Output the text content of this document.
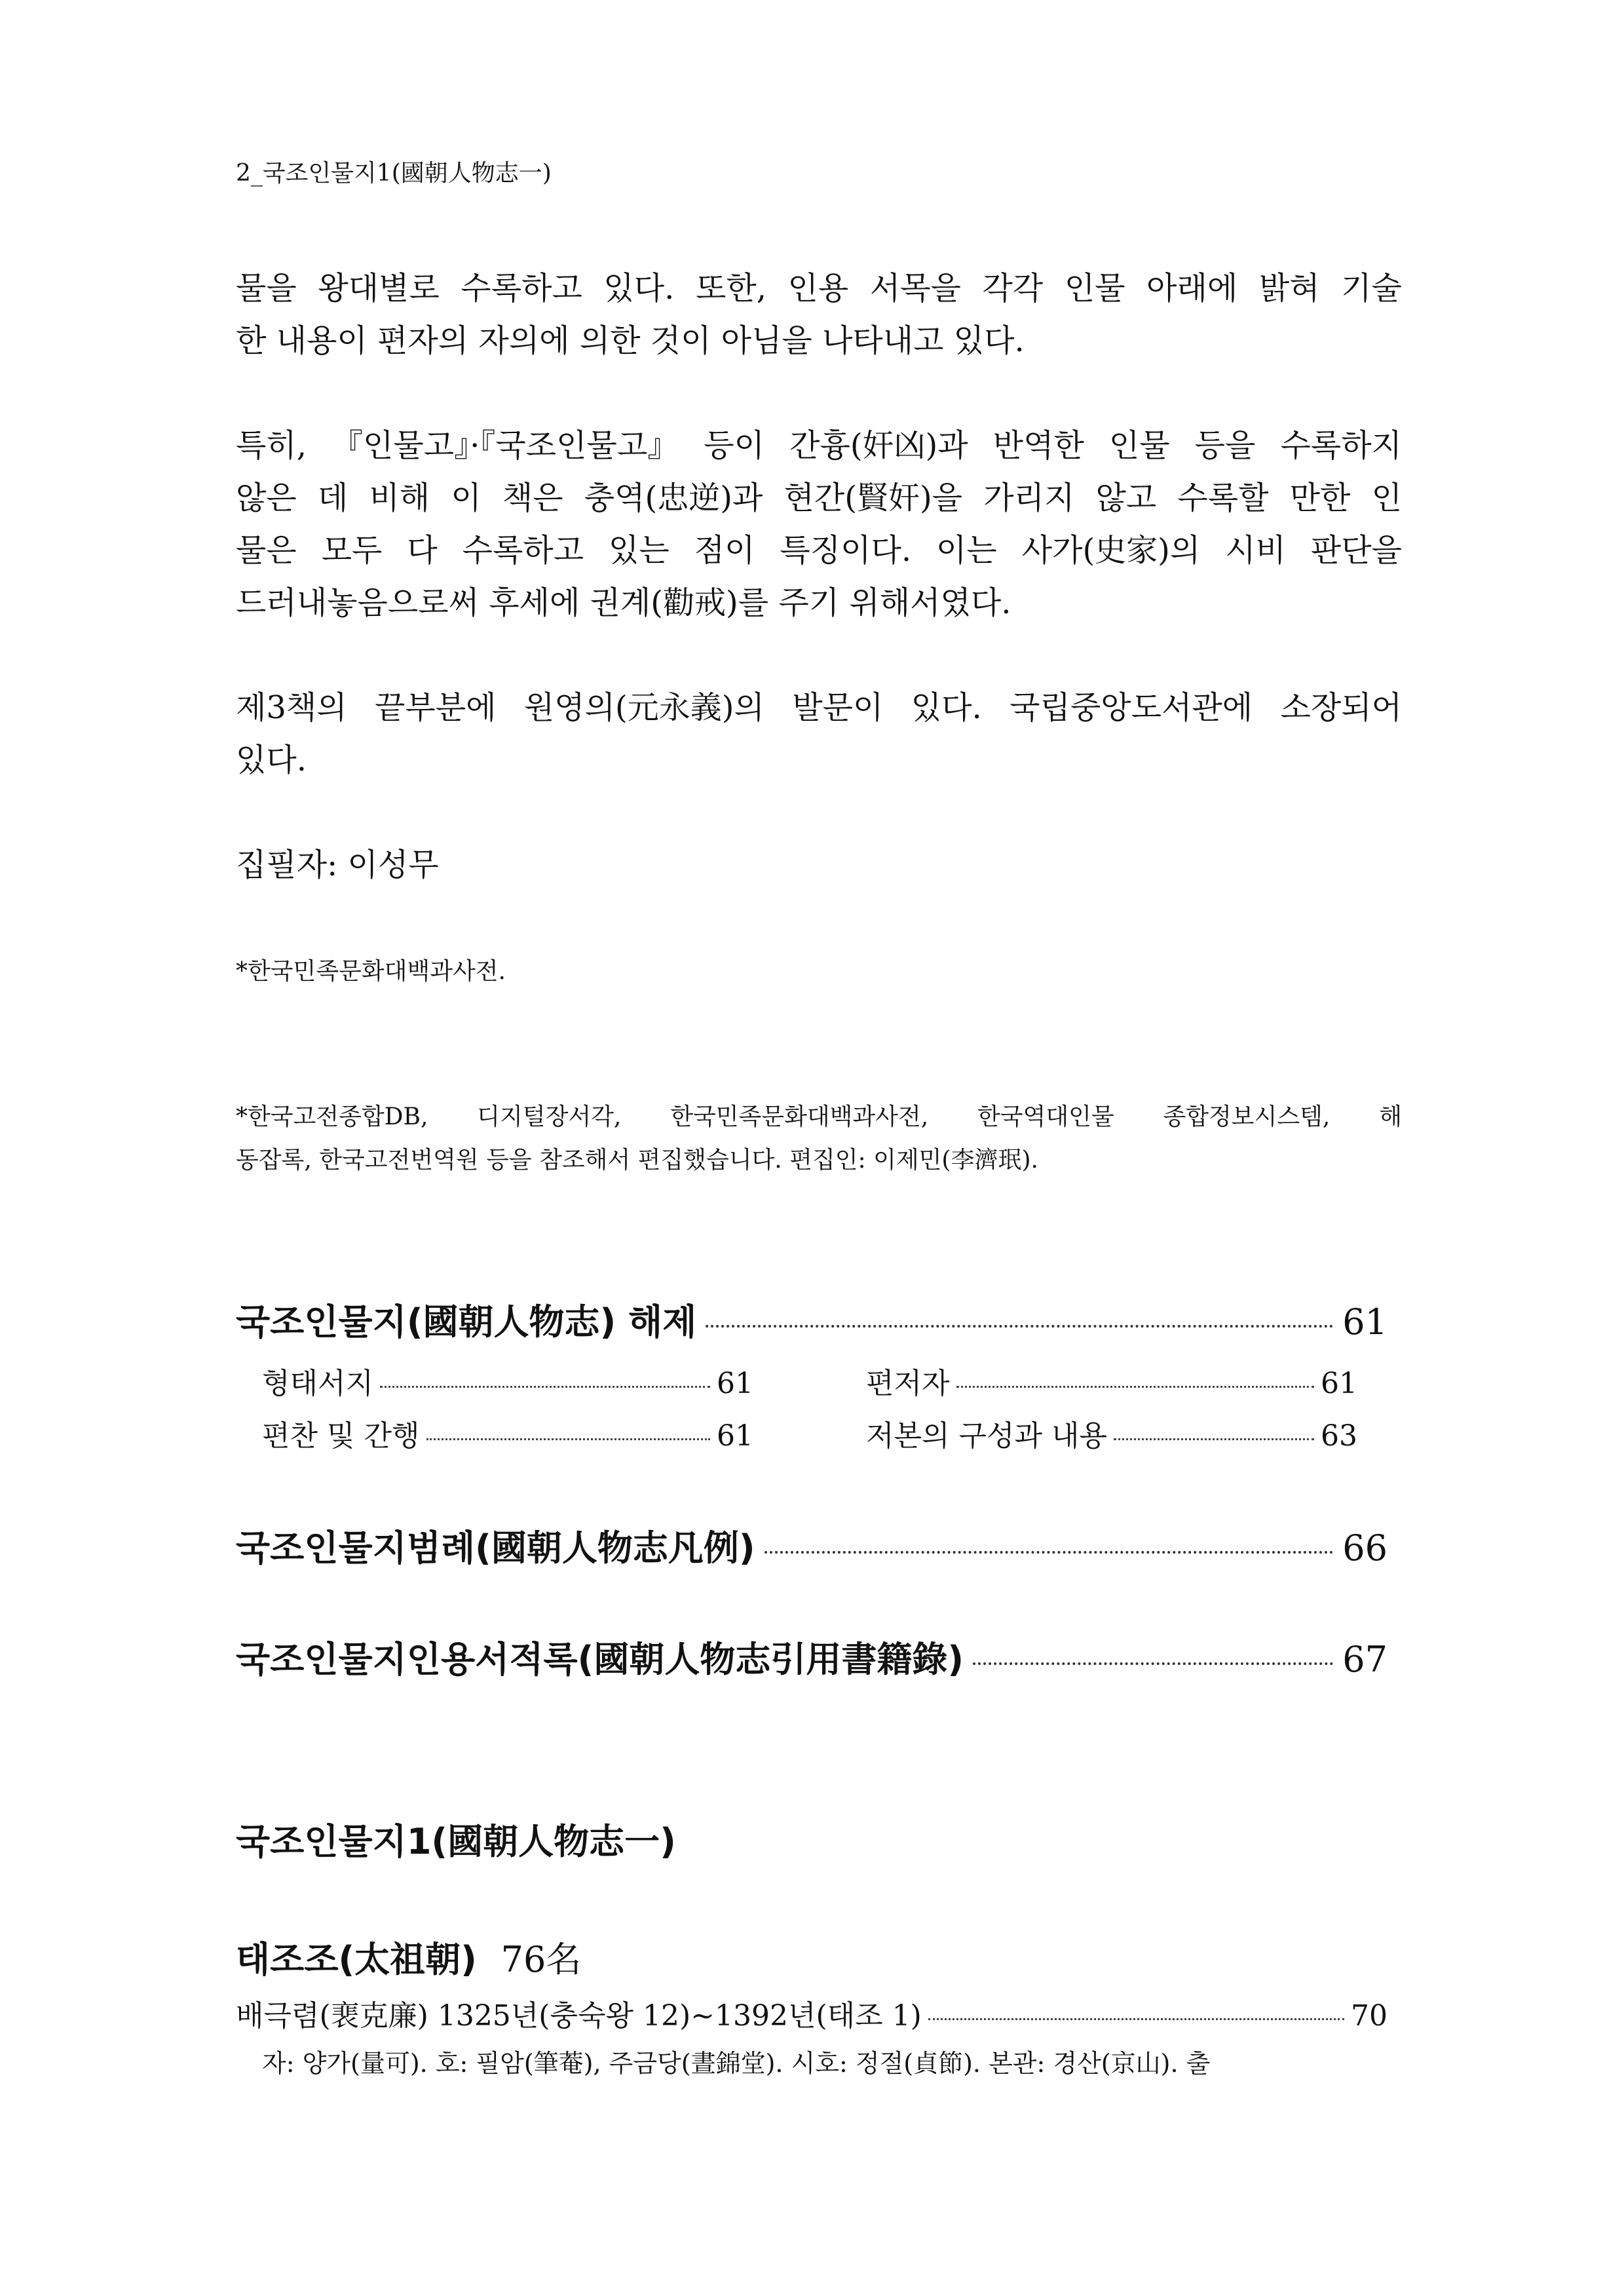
2_국조인물지1(國朝人物志一)
물을 왕대별로 수록하고 있다. 또한, 인용 서목을 각각 인물 아래에 밝혀 기술
한 내용이 편자의 자의에 의한 것이 아님을 나타내고 있다.
특히, 『인물고』·『국조인물고』 등이 간흉(奸凶)과 반역한 인물 등을 수록하지
않은 데 비해 이 책은 충역(忠逆)과 현간(賢奸)을 가리지 않고 수록할 만한 인
물은 모두 다 수록하고 있는 점이 특징이다. 이는 사가(史家)의 시비 판단을
드러내놓음으로써 후세에 권계(勸戒)를 주기 위해서였다.
제3책의 끝부분에 원영의(元永義)의 발문이 있다. 국립중앙도서관에 소장되어
있다.
집필자: 이성무
*한국민족문화대백과사전.
*한국고전종합DB, 디지털장서각, 한국민족문화대백과사전, 한국역대인물 종합정보시스템, 해
동잡록, 한국고전번역원 등을 참조해서 편집했습니다. 편집인: 이제민(李濟珉).
국조인물지(國朝人物志) 해제	61
형태서지	61	편저자	61
편찬 및 간행	61	저본의 구성과 내용	63
국조인물지범례(國朝人物志凡例)	66
국조인물지인용서적록(國朝人物志引用書籍錄)	67
국조인물지1(國朝人物志一)
태조조(太祖朝) 76名
배극렴(裵克廉) 1325년(충숙왕 12)~1392년(태조 1)	70
자: 양가(量可). 호: 필암(筆菴), 주금당(晝錦堂). 시호: 정절(貞節). 본관: 경산(京山). 출
